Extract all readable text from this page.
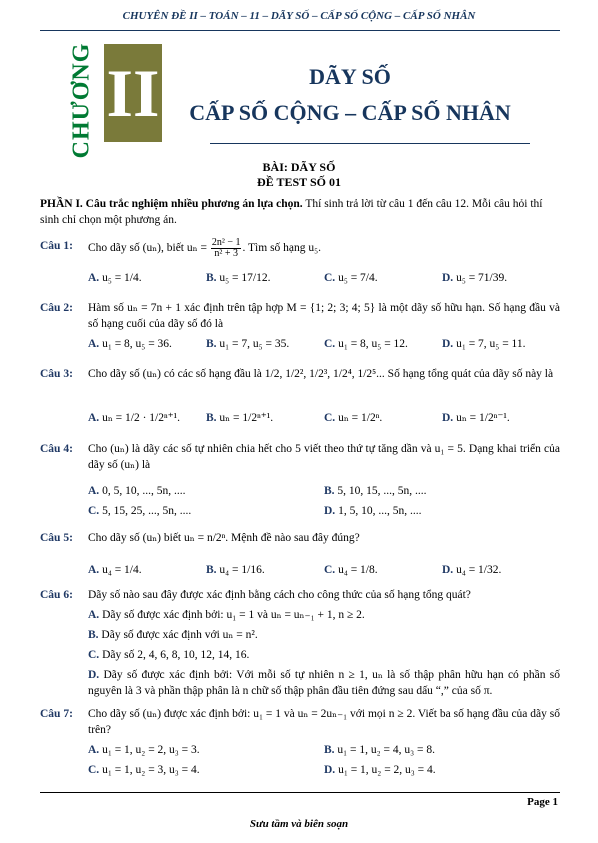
CHUYÊN ĐỀ II – TOÁN – 11 – DÃY SỐ – CẤP SỐ CỘNG – CẤP SỐ NHÂN
CHƯƠNG II	DÃY SỐ
CẤP SỐ CỘNG – CẤP SỐ NHÂN
BÀI: DÃY SỐ
ĐỀ TEST SỐ 01
PHẦN I. Câu trắc nghiệm nhiều phương án lựa chọn. Thí sinh trả lời từ câu 1 đến câu 12. Mỗi câu hỏi thí sinh chỉ chọn một phương án.
Câu 1: Cho dãy số (uₙ), biết $u_n = \frac{\text{2n² − 1}}{\text{n² + 3}}$ . Tìm số hạng u₅.
A. u₅ = 1/4.	B. u₅ = 17/12.	C. u₅ = 7/4.	D. u₅ = 71/39.
Câu 2: Hàm số uₙ = 7n + 1 xác định trên tập hợp M = {1; 2; 3; 4; 5} là một dãy số hữu hạn. Số hạng đầu và số hạng cuối của dãy số đó là
A. u₁ = 8, u₅ = 36.	B. u₁ = 7, u₅ = 35.	C. u₁ = 8, u₅ = 12.	D. u₁ = 7, u₅ = 11.
Câu 3: Cho dãy số (uₙ) có các số hạng đầu là 1/2, 1/2², 1/2³, 1/2⁴, 1/2⁵... Số hạng tổng quát của dãy số này là
A. uₙ = 1/2 · 1/2ⁿ⁺¹.	B. uₙ = 1/2ⁿ⁺¹.	C. uₙ = 1/2ⁿ.	D. uₙ = 1/2ⁿ⁻¹.
Câu 4: Cho (uₙ) là dãy các số tự nhiên chia hết cho 5 viết theo thứ tự tăng dần và u₁ = 5. Dạng khai triển của dãy số (uₙ) là
A. 0, 5, 10, ..., 5n, ....	B. 5, 10, 15, ..., 5n, ....
C. 5, 15, 25, ..., 5n, ....	D. 1, 5, 10, ..., 5n, ....
Câu 5: Cho dãy số (uₙ) biết uₙ = n/2ⁿ. Mệnh đề nào sau đây đúng?
A. u₄ = 1/4.	B. u₄ = 1/16.	C. u₄ = 1/8.	D. u₄ = 1/32.
Câu 6: Dãy số nào sau đây được xác định bằng cách cho công thức của số hạng tổng quát?
A. Dãy số được xác định bởi: u₁ = 1 và uₙ = uₙ₋₁ + 1, n ≥ 2.
B. Dãy số được xác định với uₙ = n².
C. Dãy số 2, 4, 6, 8, 10, 12, 14, 16.
D. Dãy số được xác định bởi: Với mỗi số tự nhiên n ≥ 1, uₙ là số thập phân hữu hạn có phần số nguyên là 3 và phần thập phân là n chữ số thập phân đầu tiên đứng sau dấu “,” của số π.
Câu 7: Cho dãy số (uₙ) được xác định bởi: u₁ = 1 và uₙ = 2uₙ₋₁ với mọi n ≥ 2. Viết ba số hạng đầu của dãy số trên?
A. u₁ = 1, u₂ = 2, u₃ = 3.	B. u₁ = 1, u₂ = 4, u₃ = 8.
C. u₁ = 1, u₂ = 3, u₃ = 4.	D. u₁ = 1, u₂ = 2, u₃ = 4.
Page 1
Sưu tầm và biên soạn
